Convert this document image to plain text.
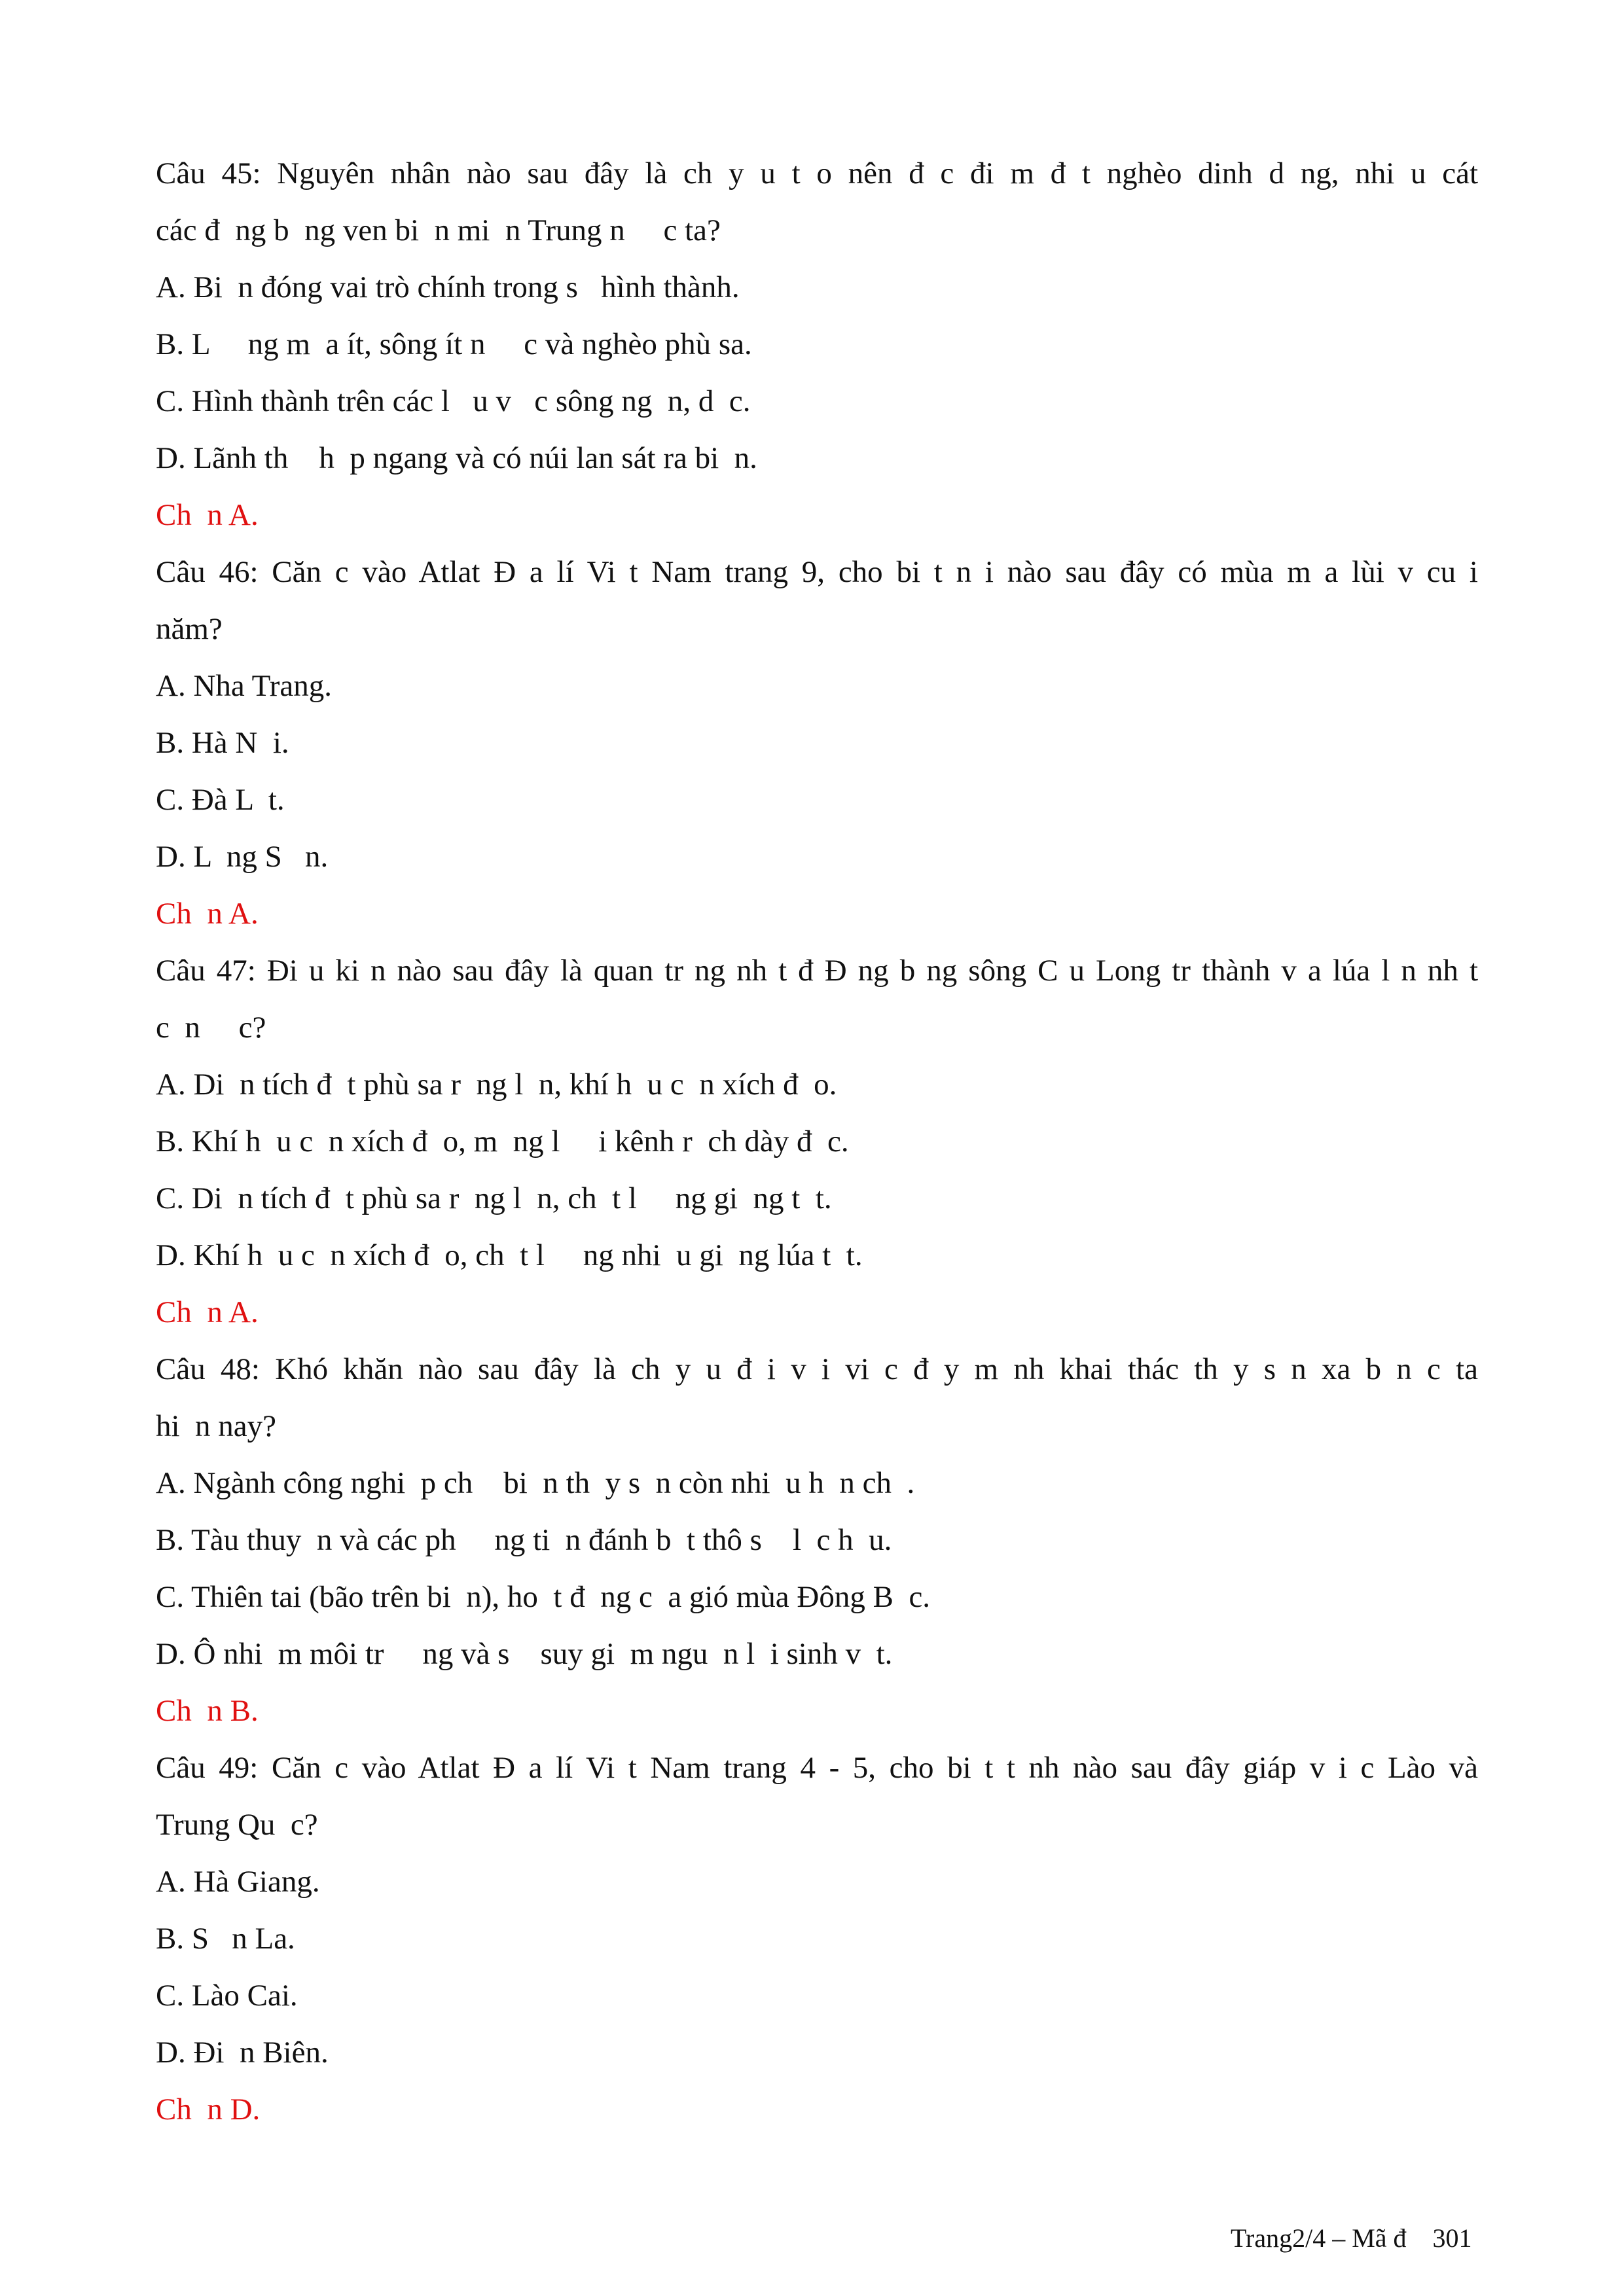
Câu 45: Nguyên nhân nào sau đây là ch y u t o nên đ c đi m đ t nghèo dinh d ng, nhi u cát
các đ  ng b  ng ven bi  n mi  n Trung n     c ta?
A. Bi  n đóng vai trò chính trong s   hình thành.
B. L     ng m  a ít, sông ít n     c và nghèo phù sa.
C. Hình thành trên các l   u v   c sông ng  n, d  c.
D. Lãnh th    h  p ngang và có núi lan sát ra bi  n.
Ch  n A.
Câu 46: Căn c vào Atlat Đ a lí Vi t Nam trang 9, cho bi t n i nào sau đây có mùa m a lùi v cu i
năm?
A. Nha Trang.
B. Hà N  i.
C. Đà L  t.
D. L  ng S   n.
Ch  n A.
Câu 47: Đi u ki n nào sau đây là quan tr ng nh t đ Đ ng b ng sông C u Long tr thành v a lúa l n nh t
c  n     c?
A. Di  n tích đ  t phù sa r  ng l  n, khí h  u c  n xích đ  o.
B. Khí h  u c  n xích đ  o, m  ng l     i kênh r  ch dày đ  c.
C. Di  n tích đ  t phù sa r  ng l  n, ch  t l     ng gi  ng t  t.
D. Khí h  u c  n xích đ  o, ch  t l     ng nhi  u gi  ng lúa t  t.
Ch  n A.
Câu 48: Khó khăn nào sau đây là ch y u đ i v i vi c đ y m nh khai thác th y s n xa b n c ta
hi  n nay?
A. Ngành công nghi  p ch    bi  n th  y s  n còn nhi  u h  n ch  .
B. Tàu thuy  n và các ph     ng ti  n đánh b  t thô s    l  c h  u.
C. Thiên tai (bão trên bi  n), ho  t đ  ng c  a gió mùa Đông B  c.
D. Ô nhi  m môi tr     ng và s    suy gi  m ngu  n l  i sinh v  t.
Ch  n B.
Câu 49: Căn c vào Atlat Đ a lí Vi t Nam trang 4 - 5, cho bi t t nh nào sau đây giáp v i c Lào và
Trung Qu  c?
A. Hà Giang.
B. S   n La.
C. Lào Cai.
D. Đi  n Biên.
Ch  n D.
Trang2/4 – Mã đ    301
